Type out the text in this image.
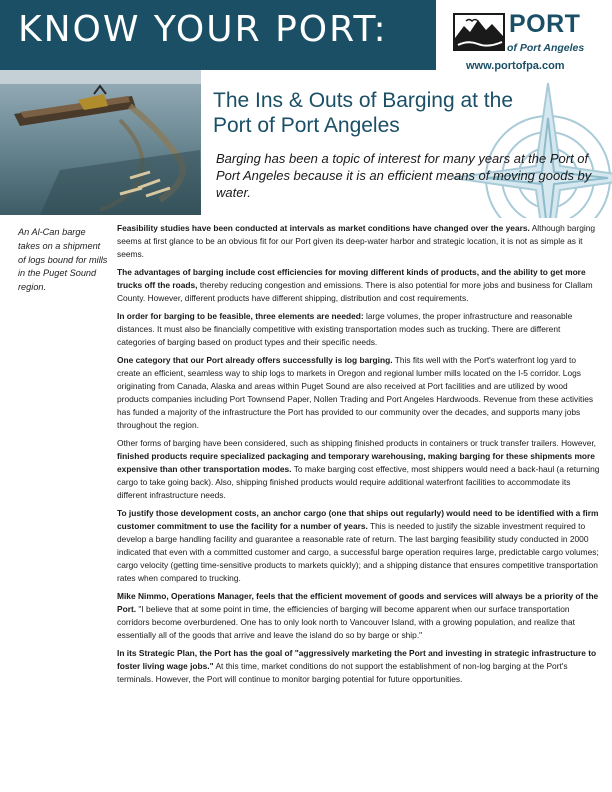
KNOW YOUR PORT:	PORT
of Port Angeles
www.portofpa.com
The Ins & Outs of Barging at the Port of Port Angeles

Barging has been a topic of interest for many years at the Port of Port Angeles because it is an efficient means of moving goods by water.

An Al-Can barge takes on a shipment of logs bound for mills in the Puget Sound region.

Feasibility studies have been conducted at intervals as market conditions have changed over the years. Although barging seems at first glance to be an obvious fit for our Port given its deep-water harbor and strategic location, it is not as simple as it seems.

The advantages of barging include cost efficiencies for moving different kinds of products, and the ability to get more trucks off the roads, thereby reducing congestion and emissions. There is also potential for more jobs and business for Clallam County. However, different products have different shipping, distribution and cost requirements.

In order for barging to be feasible, three elements are needed: large volumes, the proper infrastructure and reasonable distances. It must also be financially competitive with existing transportation modes such as trucking. There are different categories of barging based on product types and their specific needs.

One category that our Port already offers successfully is log barging. This fits well with the Port's waterfront log yard to create an efficient, seamless way to ship logs to markets in Oregon and regional lumber mills located on the I-5 corridor. Logs originating from Canada, Alaska and areas within Puget Sound are also received at Port facilities and are utilized by wood products companies including Port Townsend Paper, Nollen Trading and Port Angeles Hardwoods. Revenue from these activities has funded a majority of the infrastructure the Port has provided to our community over the decades, and supports many jobs throughout the region.

Other forms of barging have been considered, such as shipping finished products in containers or truck transfer trailers. However, finished products require specialized packaging and temporary warehousing, making barging for these shipments more expensive than other transportation modes. To make barging cost effective, most shippers would need a back-haul (a returning cargo to take going back). Also, shipping finished products would require additional waterfront facilities to accommodate its different infrastructure needs.

To justify those development costs, an anchor cargo (one that ships out regularly) would need to be identified with a firm customer commitment to use the facility for a number of years. This is needed to justify the sizable investment required to develop a barge handling facility and guarantee a reasonable rate of return. The last barging feasibility study conducted in 2000 indicated that even with a committed customer and cargo, a successful barge operation requires large, predictable cargo volumes; cargo velocity (getting time-sensitive products to markets quickly); and a shipping distance that ensures competitive transportation rates when compared to trucking.

Mike Nimmo, Operations Manager, feels that the efficient movement of goods and services will always be a priority of the Port. "I believe that at some point in time, the efficiencies of barging will become apparent when our surface transportation corridors become overburdened. One has to only look north to Vancouver Island, with a growing population, and realize that essentially all of the goods that arrive and leave the island do so by barge or ship."

In its Strategic Plan, the Port has the goal of "aggressively marketing the Port and investing in strategic infrastructure to foster living wage jobs." At this time, market conditions do not support the establishment of non-log barging at the Port's terminals. However, the Port will continue to monitor barging potential for future opportunities.
